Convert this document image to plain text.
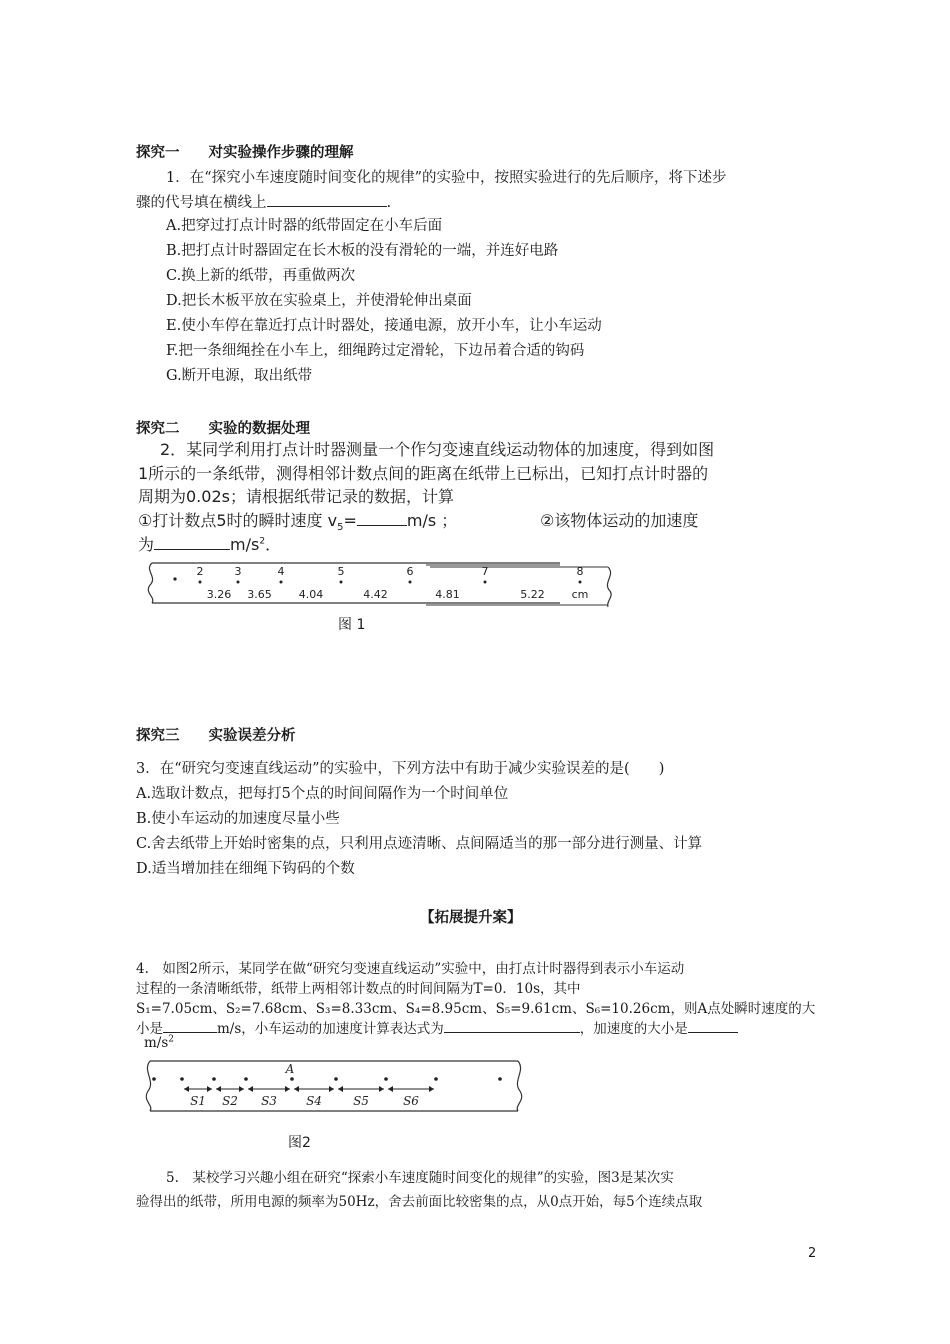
探究一　　对实验操作步骤的理解
1．在“探究小车速度随时间变化的规律”的实验中，按照实验进行的先后顺序，将下述步
骤的代号填在横线上	.
A.把穿过打点计时器的纸带固定在小车后面
B.把打点计时器固定在长木板的没有滑轮的一端，并连好电路
C.换上新的纸带，再重做两次
D.把长木板平放在实验桌上，并使滑轮伸出桌面
E.使小车停在靠近打点计时器处，接通电源，放开小车，让小车运动
F.把一条细绳拴在小车上，细绳跨过定滑轮，下边吊着合适的钩码
G.断开电源，取出纸带
探究二　　实验的数据处理
2．某同学利用打点计时器测量一个作匀变速直线运动物体的加速度，得到如图
1所示的一条纸带，测得相邻计数点间的距离在纸带上已标出，已知打点计时器的
周期为0.02s；请根据纸带记录的数据，计算
①打计数点5时的瞬时速度 $v_5=$	m/s ；	②该物体运动的加速度
为	$m/s^2$．
2	3	4	5	6	7	8
3.26 3.65 4.04	4.42	4.81	5.22 cm
图 1
探究三　　实验误差分析
3．在“研究匀变速直线运动”的实验中，下列方法中有助于减少实验误差的是(　　)
A.选取计数点，把每打5个点的时间间隔作为一个时间单位
B.使小车运动的加速度尽量小些
C.舍去纸带上开始时密集的点，只利用点迹清晰、点间隔适当的那一部分进行测量、计算
D.适当增加挂在细绳下钩码的个数
【拓展提升案】
4.　如图2所示，某同学在做“研究匀变速直线运动”实验中，由打点计时器得到表示小车运动
过程的一条清晰纸带，纸带上两相邻计数点的时间间隔为T=0．10s，其中
S₁=7.05cm、S₂=7.68cm、S₃=8.33cm、S₄=8.95cm、S₅=9.61cm、S₆=10.26cm，则A点处瞬时速度的大
小是	m/s，小车运动的加速度计算表达式为	，加速度的大小是
$m/s^2$
S1 S2 S3 S4	S5	S6
A
图2
5.　某校学习兴趣小组在研究“探索小车速度随时间变化的规律”的实验，图3是某次实
验得出的纸带，所用电源的频率为50Hz，舍去前面比较密集的点，从0点开始，每5个连续点取
2
